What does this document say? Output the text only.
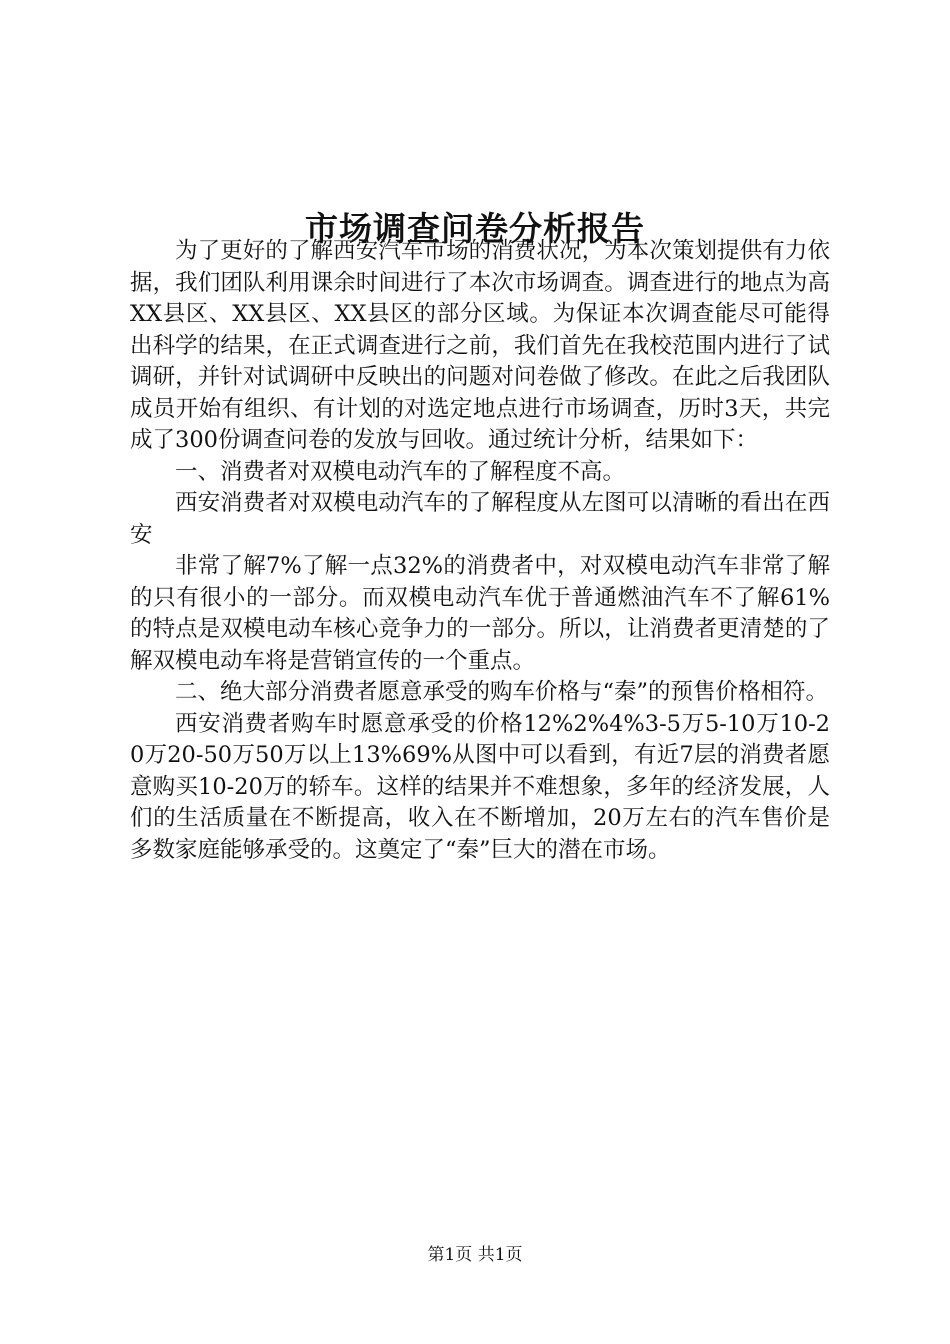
市场调查问卷分析报告

为了更好的了解西安汽车市场的消费状况，为本次策划提供有力依据，我们团队利用课余时间进行了本次市场调查。调查进行的地点为高XX县区、XX县区、XX县区的部分区域。为保证本次调查能尽可能得出科学的结果，在正式调查进行之前，我们首先在我校范围内进行了试调研，并针对试调研中反映出的问题对问卷做了修改。在此之后我团队成员开始有组织、有计划的对选定地点进行市场调查，历时3天，共完成了300份调查问卷的发放与回收。通过统计分析，结果如下：

一、消费者对双模电动汽车的了解程度不高。

西安消费者对双模电动汽车的了解程度从左图可以清晰的看出在西安

非常了解7%了解一点32%的消费者中，对双模电动汽车非常了解的只有很小的一部分。而双模电动汽车优于普通燃油汽车不了解61%的特点是双模电动车核心竞争力的一部分。所以，让消费者更清楚的了解双模电动车将是营销宣传的一个重点。

二、绝大部分消费者愿意承受的购车价格与“秦”的预售价格相符。

西安消费者购车时愿意承受的价格12%2%4%3-5万5-10万10-20万20-50万50万以上13%69%从图中可以看到，有近7层的消费者愿意购买10-20万的轿车。这样的结果并不难想象，多年的经济发展，人们的生活质量在不断提高，收入在不断增加，20万左右的汽车售价是多数家庭能够承受的。这奠定了“秦”巨大的潜在市场。

第1页 共1页
